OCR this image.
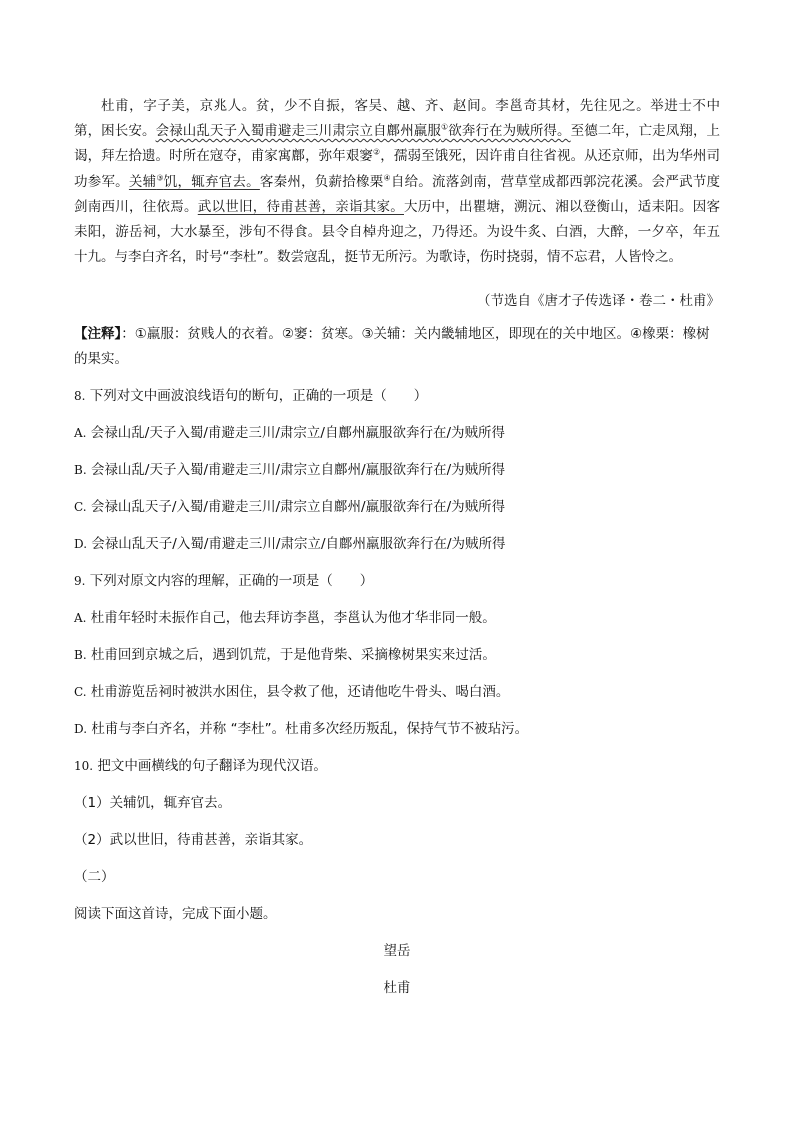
杜甫，字子美，京兆人。贫，少不自振，客吴、越、齐、赵间。李邕奇其材，先往见之。举进士不中第，困长安。会禄山乱天子入蜀甫避走三川肃宗立自鄜州羸服①欲奔行在为贼所得。至德二年，亡走凤翔，上谒，拜左拾遗。时所在寇夺，甫家寓鄜，弥年艰窭②，孺弱至饿死，因许甫自往省视。从还京师，出为华州司功参军。关辅③饥，辄弃官去。客秦州，负薪拾橡栗④自给。流落剑南，营草堂成都西郭浣花溪。会严武节度剑南西川，往依焉。武以世旧，待甫甚善，亲诣其家。大历中，出瞿塘，溯沅、湘以登衡山，适耒阳。因客耒阳，游岳祠，大水暴至，涉旬不得食。县令自棹舟迎之，乃得还。为设牛炙、白酒，大醉，一夕卒，年五十九。与李白齐名，时号“李杜”。数尝寇乱，挺节无所污。为歌诗，伤时挠弱，情不忘君，人皆怜之。

（节选自《唐才子传选译・卷二・杜甫》
【注释】：①羸服：贫贱人的衣着。②窭：贫寒。③关辅：关内畿辅地区，即现在的关中地区。④橡栗：橡树的果实。
8. 下列对文中画波浪线语句的断句，正确的一项是（　　）
A. 会禄山乱/天子入蜀/甫避走三川/肃宗立/自鄜州羸服欲奔行在/为贼所得
B. 会禄山乱/天子入蜀/甫避走三川/肃宗立自鄜州/羸服欲奔行在/为贼所得
C. 会禄山乱天子/入蜀/甫避走三川/肃宗立自鄜州/羸服欲奔行在/为贼所得
D. 会禄山乱天子/入蜀/甫避走三川/肃宗立/自鄜州羸服欲奔行在/为贼所得
9. 下列对原文内容的理解，正确的一项是（　　）
A. 杜甫年轻时未振作自己，他去拜访李邕，李邕认为他才华非同一般。
B. 杜甫回到京城之后，遇到饥荒，于是他背柴、采摘橡树果实来过活。
C. 杜甫游览岳祠时被洪水困住，县令救了他，还请他吃牛骨头、喝白酒。
D. 杜甫与李白齐名，并称 “李杜”。杜甫多次经历叛乱，保持气节不被玷污。
10. 把文中画横线的句子翻译为现代汉语。
（1）关辅饥，辄弃官去。
（2）武以世旧，待甫甚善，亲诣其家。
（二）
阅读下面这首诗，完成下面小题。
望岳
杜甫
